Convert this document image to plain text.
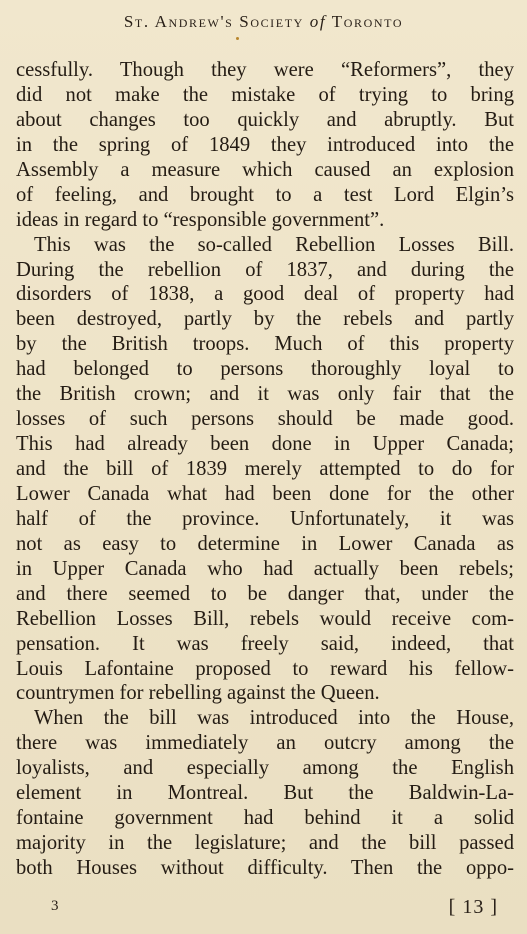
St. Andrew's Society of Toronto
cessfully. Though they were “Reformers”, they
did not make the mistake of trying to bring
about changes too quickly and abruptly. But
in the spring of 1849 they introduced into the
Assembly a measure which caused an explosion
of feeling, and brought to a test Lord Elgin’s
ideas in regard to “responsible government”.
This was the so-called Rebellion Losses Bill.
During the rebellion of 1837, and during the
disorders of 1838, a good deal of property had
been destroyed, partly by the rebels and partly
by the British troops. Much of this property
had belonged to persons thoroughly loyal to
the British crown; and it was only fair that the
losses of such persons should be made good.
This had already been done in Upper Canada;
and the bill of 1839 merely attempted to do for
Lower Canada what had been done for the other
half of the province. Unfortunately, it was
not as easy to determine in Lower Canada as
in Upper Canada who had actually been rebels;
and there seemed to be danger that, under the
Rebellion Losses Bill, rebels would receive com-
pensation. It was freely said, indeed, that
Louis Lafontaine proposed to reward his fellow-
countrymen for rebelling against the Queen.
When the bill was introduced into the House,
there was immediately an outcry among the
loyalists, and especially among the English
element in Montreal. But the Baldwin-La-
fontaine government had behind it a solid
majority in the legislature; and the bill passed
both Houses without difficulty. Then the oppo-
3	[ 13 ]
